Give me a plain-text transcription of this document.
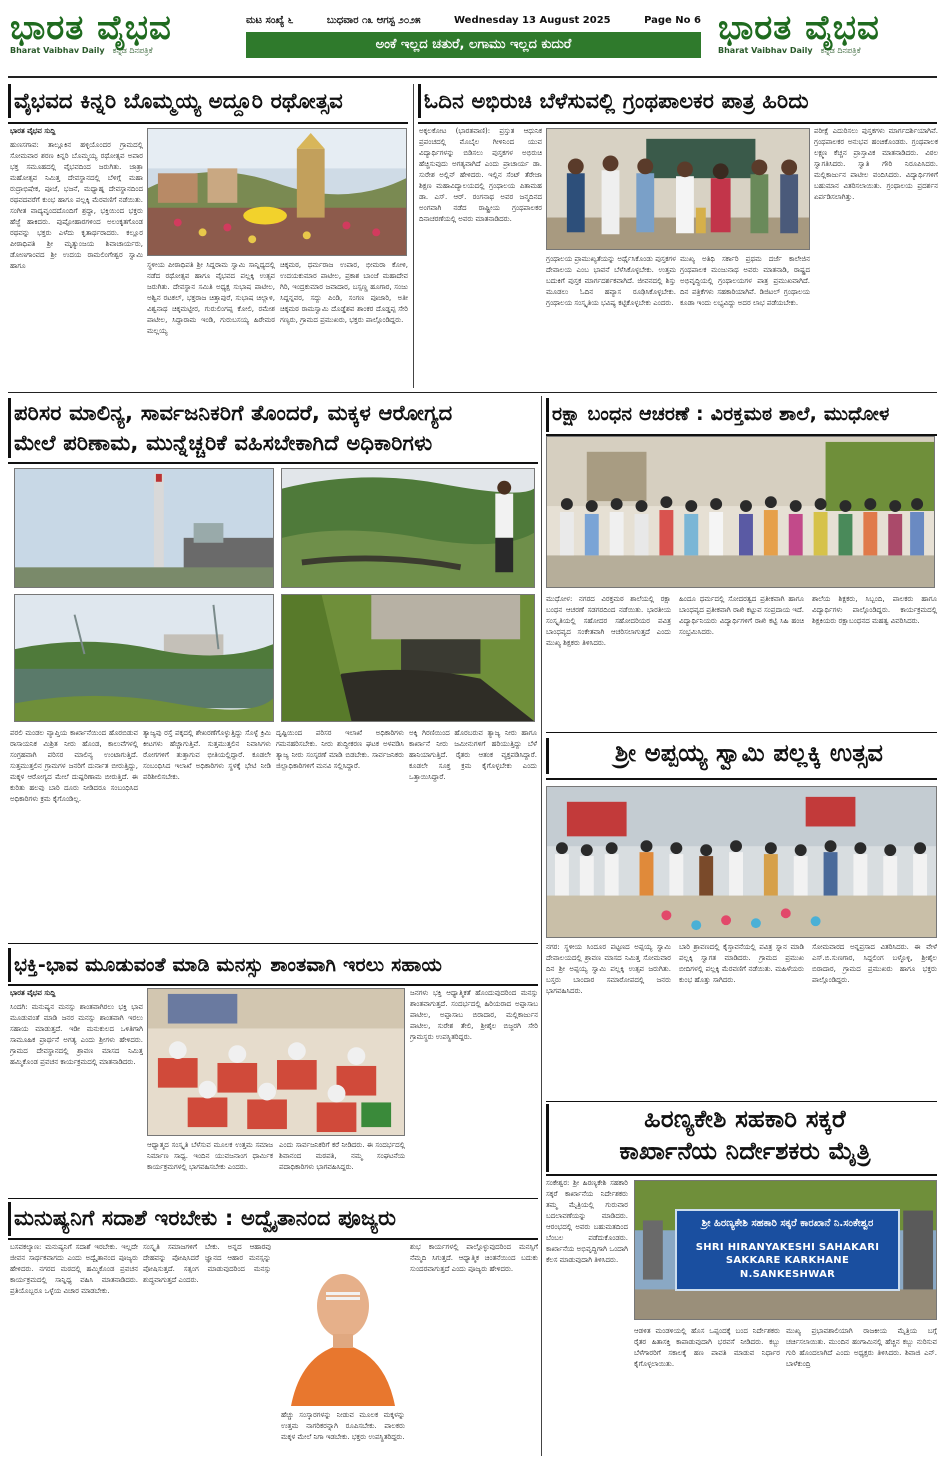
ಭಾರತ ವೈಭವ
Bharat Vaibhav Daily ಕನ್ನಡ ದಿನಪತ್ರಿಕೆ
ಮಟ ಸಂಖ್ಯೆ ೬	ಬುಧವಾರ ೧೩ ಆಗಸ್ಟ ೨೦೨೫	Wednesday 13 August 2025	Page No 6
ಅಂಕೆ ಇಲ್ಲದ ಚತುರೆ, ಲಗಾಮು ಇಲ್ಲದ ಕುದುರೆ	ಭಾರತ ವೈಭವ
Bharat Vaibhav Daily ಕನ್ನಡ ದಿನಪತ್ರಿಕೆ
ವೈಭವದ ಕಿನ್ನರಿ ಬೊಮ್ಮಯ್ಯ ಅದ್ದೂರಿ ರಥೋತ್ಸವ

ಭಾರತ ವೈಭವ ಸುದ್ದಿ

ಹುಣಸಗಾವ: ತಾಲ್ಲೂಕಿನ ಹಳ್ಳಿಯೊಂದರ ಗ್ರಾಮದಲ್ಲಿ ಸೋಮವಾರ ಶರಣ ಕಿನ್ನರಿ ಬೊಮ್ಮಯ್ಯ ರಥೋತ್ಸವ ಅಪಾರ ಭಕ್ತ ಸಮೂಹದಲ್ಲಿ ವೈಭವದಿಂದ ಜರುಗಿತು. ಜಾತ್ರಾ ಮಹೋತ್ಸವ ನಿಮಿತ್ತ ದೇವಸ್ಥಾನದಲ್ಲಿ ಬೆಳಿಗ್ಗೆ ಮಹಾ ರುದ್ರಾಭಿಷೇಕ, ಪೂಜೆ, ಭಜನೆ, ಮಧ್ಯಾಹ್ನ ದೇವಸ್ಥಾನದಿಂದ ರಥವದವರೆಗೆ ಕುಂಭ ಹಾಗೂ ಪಲ್ಲಕ್ಕಿ ಮೆರವಣಿಗೆ ನಡೆಯಿತು. ಸಂಗೀತ ವಾದ್ಯವೃಂದದೊಂದಿಗೆ ಶ್ರದ್ಧಾ, ಭಕ್ತಿಯಿಂದ ಭಕ್ತರು ಹೆಜ್ಜೆ ಹಾಕಿದರು. ಪುಷ್ಪೋಹಾರಗಳಿಂದ ಅಲಂಕೃತಗೊಂಡ ರಥವನ್ನು ಭಕ್ತರು ಎಳೆದು ಕೃತಾರ್ಥರಾದರು. ಕಲ್ಲೂರ ಪೀಠಾಧಿಪತಿ ಶ್ರೀ ಮೃತ್ಯುಂಜಯ ಶಿವಾಚಾರ್ಯರು, ಡೋಣಗಾಂವದ ಶ್ರೀ ಉದಯ ರಾಮಲಿಂಗೇಶ್ವರ ಸ್ವಾಮಿ ಹಾಗೂ	ಸ್ಥಳೀಯ ಪೀಠಾಧಿಪತಿ ಶ್ರೀ ಸಿದ್ದರಾಮ ಸ್ವಾಮಿ ಸಾನ್ನಿಧ್ಯದಲ್ಲಿ ನಡೆದ ರಥೋತ್ಸವ ಹಾಗೂ ವೈಭವದ ಪಲ್ಲಕ್ಕಿ ಉತ್ಸವ ಜರುಗಿತು. ದೇವಸ್ಥಾನ ಸಮಿತಿ ಅಧ್ಯಕ್ಷ ಸುಭಾಷ ಪಾಟೀಲ, ಅಶ್ವಿನ ರಟಕಲ್, ಭಕ್ತರಾಜ ಚಿತ್ತಾಪುರೆ, ಸುಭಾಷ ಚಿಲ್ಲಾಳಿ, ವಿಶ್ವನಾಥ ಚಿಕ್ಕಮಟ್ಟೀರ, ಗುರುಲಿಂಗಪ್ಪ ಕೋಲಿ, ರಮೇಶ ಪಾಟೀಲ, ಸಿದ್ದಾರಾಮ ಇಂಡಿ, ಗುರುಬಸಯ್ಯ ಹಿರೇಮಠ ಮಲ್ಲಯ್ಯ
ಚಿಕ್ಕಮಠ, ಧರ್ಮರಾಜ ಉಪಾರ, ಭೀಮರಾ ಕೋಳಿ, ಉದಯಕುಮಾರ ಪಾಟೀಲ, ಪ್ರಕಾಶ ಬಾಂಜೆ ಮಹಾದೇವ ಗಿರಿ, ಇಂದ್ರಕುಮಾರ ಜವಾದಾರ, ಬಸ್ಸಣ್ಣ ಹೂಗಾರ, ಸಂಜು ಸಿದ್ದನ್ನವರ, ಸದ್ದು ಪಿಂಡಿ, ಸಂಗಣ ಪೂಜಾರಿ, ಅತೀ ಚಿಕ್ಕಮಠ ರಾಮಸ್ವಾಮಿ ದೊಡ್ಡೆಶವ ಶಾಂಕರ ದೊಡ್ಡಪ್ಪ ಸೇರಿ ಗಣ್ಯರು, ಗ್ರಾಮದ ಪ್ರಮುಖರು, ಭಕ್ತರು ಪಾಲ್ಗೊಂಡಿದ್ದರು.
ಓದಿನ ಅಭಿರುಚಿ ಬೆಳೆಸುವಲ್ಲಿ ಗ್ರಂಥಪಾಲಕರ ಪಾತ್ರ ಹಿರಿದು
ಅಕ್ಕಲಕೋಟ (ಭಾರತವಾಣಿ): ಪ್ರಸ್ತುತ ಆಧುನಿಕ ಪ್ರಪಂಚದಲ್ಲಿ ಮೊಬೈಲ ಗೀಳಿನಿಂದ ಯುವ ವಿದ್ಯಾರ್ಥಿಗಳನ್ನು ಬಿಡಿಸಲು ಪುಸ್ತಕಗಳ ಅಭಿರುಚಿ ಹೆಚ್ಚಿಸುವುದು ಅಗತ್ಯವಾಗಿದೆ ಎಂದು ಪ್ರಾಚಾರ್ಯ ಡಾ. ಸುರೇಶ ಅಲ್ಲಿನ್ ಹೇಳಿದರು. ಇಲ್ಲಿನ ಸೆಂಟ್ ತೆರೇಜಾ ಶಿಕ್ಷಣ ಮಹಾವಿದ್ಯಾಲಯದಲ್ಲಿ ಗ್ರಂಥಾಲಯ ಪಿತಾಮಹ ಡಾ. ಎಸ್. ಆರ್. ರಂಗನಾಥ ಅವರ ಜನ್ಮದಿನದ ಅಂಗವಾಗಿ ನಡೆದ ರಾಷ್ಟ್ರೀಯ ಗ್ರಂಥಪಾಲಕರ ದಿನಾಚರಣೆಯಲ್ಲಿ ಅವರು ಮಾತನಾಡಿದರು.
ಗ್ರಂಥಾಲಯ ಪ್ರಾಮುಖ್ಯತೆಯನ್ನು ಅರ್ಥೈಸಿಕೊಂಡು ಪುಸ್ತಕಗಳ ದೇವಾಲಯ ಎಂಬ ಭಾವನೆ ಬೆಳೆಸಿಕೊಳ್ಳಬೇಕು. ಉತ್ತಮ ಬದುಕಿಗೆ ಪುಸ್ತಕ ಮಾರ್ಗದರ್ಶಕವಾಗಿದೆ. ಜೀವನದಲ್ಲಿ ಶಿಸ್ತು ಮೂಡಲು ಓದಿನ ಹವ್ಯಾಸ ರೂಢಿಸಿಕೊಳ್ಳಬೇಕು. ಗ್ರಂಥಾಲಯ ಸಂಸ್ಕೃತಿಯ ಭವಿಷ್ಯ ಕಟ್ಟಿಕೊಳ್ಳಬೇಕು ಎಂದರು.
ಮುಖ್ಯ ಅತಿಥಿ ಸರ್ಕಾರಿ ಪ್ರಥಮ ದರ್ಜೆ ಕಾಲೇಜಿನ ಗ್ರಂಥಪಾಲಕ ಮಂಜುನಾಥ ಅವರು ಮಾತನಾಡಿ, ರಾಷ್ಟ್ರದ ಅಭಿವೃದ್ಧಿಯಲ್ಲಿ ಗ್ರಂಥಾಲಯಗಳ ಪಾತ್ರ ಪ್ರಮುಖವಾಗಿದೆ. ದಿನ ಪತ್ರಿಕೆಗಳು ಸಹಕಾರಿಯಾಗಿವೆ. ಡಿಜಿಟಲ್ ಗ್ರಂಥಾಲಯ ಕೂಡಾ ಇಂದು ಲಭ್ಯವಿದ್ದು ಅದರ ಲಾಭ ಪಡೆಯಬೇಕು.
ಪರೀಕ್ಷೆ ಎದುರಿಸಲು ಪುಸ್ತಕಗಳು ಮಾರ್ಗದರ್ಶಿಯಾಗಿವೆ. ಗ್ರಂಥಪಾಲಕರ ಅನುಭವ ಹಂಚಿಕೊಂಡರು. ಗ್ರಂಥಪಾಲಕ ಲಕ್ಷ್ಮಣ ಕೆಚ್ಚನ ಪ್ರಾಸ್ತಾವಿಕ ಮಾತನಾಡಿದರು. ವಿಠಲ ಸ್ವಾಗತಿಸಿದರು. ಸ್ವಾತಿ ಗೌರಿ ನಿರೂಪಿಸಿದರು. ಮಲ್ಲಿಕಾರ್ಜುನ ಪಾಟೀಲ ವಂದಿಸಿದರು. ವಿದ್ಯಾರ್ಥಿಗಳಿಗೆ ಬಹುಮಾನ ವಿತರಿಸಲಾಯಿತು. ಗ್ರಂಥಾಲಯ ಪ್ರದರ್ಶನ ಏರ್ಪಡಿಸಲಾಗಿತ್ತು.
ಪರಿಸರ ಮಾಲಿನ್ಯ, ಸಾರ್ವಜನಿಕರಿಗೆ ತೊಂದರೆ, ಮಕ್ಕಳ ಆರೋಗ್ಯದ
ಮೇಲೆ ಪರಿಣಾಮ, ಮುನ್ನೆಚ್ಚರಿಕೆ ವಹಿಸಬೇಕಾಗಿದೆ ಅಧಿಕಾರಿಗಳು
ಪರಲಿ ಮಂಡಲ ವ್ಯಾಪ್ತಿಯ ಕಾರ್ಖಾನೆಯಿಂದ ಹೊರಬಿಡುವ ರಾಸಾಯನಿಕ ಮಿಶ್ರಿತ ನೀರು ಹೊಂಡ, ಕಾಲುವೆಗಳಲ್ಲಿ ಸಂಗ್ರಹವಾಗಿ ಪರಿಸರ ಮಾಲಿನ್ಯ ಉಂಟಾಗುತ್ತಿದೆ. ಸುತ್ತಮುತ್ತಲಿನ ಗ್ರಾಮಗಳ ಜನರಿಗೆ ದುರ್ನಾತ ಬೀರುತ್ತಿದ್ದು, ಮಕ್ಕಳ ಆರೋಗ್ಯದ ಮೇಲೆ ದುಷ್ಪರಿಣಾಮ ಬೀರುತ್ತಿದೆ. ಈ ಕುರಿತು ಹಲವು ಬಾರಿ ದೂರು ನೀಡಿದರೂ ಸಂಬಂಧಿಸಿದ ಅಧಿಕಾರಿಗಳು ಕ್ರಮ ಕೈಗೊಂಡಿಲ್ಲ.
ತ್ಯಾಜ್ಯವು ರಸ್ತೆ ಪಕ್ಕದಲ್ಲಿ ಶೇಖರಣೆಗೊಳ್ಳುತ್ತಿದ್ದು ಸೊಳ್ಳೆ ಕ್ರಿಮಿ ಕೀಟಗಳು ಹೆಚ್ಚಾಗುತ್ತಿವೆ. ಸುತ್ತಮುತ್ತಲಿನ ನಿವಾಸಿಗಳು ರೋಗಗಳಿಗೆ ತುತ್ತಾಗುವ ಭೀತಿಯಲ್ಲಿದ್ದಾರೆ. ಕೂಡಲೇ ಸಂಬಂಧಿಸಿದ ಇಲಾಖೆ ಅಧಿಕಾರಿಗಳು ಸ್ಥಳಕ್ಕೆ ಭೇಟಿ ನೀಡಿ ಪರಿಶೀಲಿಸಬೇಕು.
ದೃಷ್ಟಿಯಿಂದ ಪರಿಸರ ಇಲಾಖೆ ಅಧಿಕಾರಿಗಳು ಗಮನಹರಿಸಬೇಕು. ನೀರು ಶುದ್ಧೀಕರಣ ಘಟಕ ಅಳವಡಿಸಿ ತ್ಯಾಜ್ಯ ನೀರು ಸಂಸ್ಕರಣೆ ಮಾಡಿ ಬಿಡಬೇಕು. ಸಾರ್ವಜನಿಕರು ಜಿಲ್ಲಾಧಿಕಾರಿಗಳಿಗೆ ಮನವಿ ಸಲ್ಲಿಸಿದ್ದಾರೆ.
ಅಕ್ಕಿ ಗಿರಣಿಯಿಂದ ಹೊರಬರುವ ತ್ಯಾಜ್ಯ ನೀರು ಹಾಗೂ ಕಾರ್ಖಾನೆ ನೀರು ಜಮೀನುಗಳಿಗೆ ಹರಿಯುತ್ತಿದ್ದು ಬೆಳೆ ಹಾನಿಯಾಗುತ್ತಿದೆ. ರೈತರು ಆತಂಕ ವ್ಯಕ್ತಪಡಿಸಿದ್ದಾರೆ. ಕೂಡಲೇ ಸೂಕ್ತ ಕ್ರಮ ಕೈಗೊಳ್ಳಬೇಕು ಎಂದು ಒತ್ತಾಯಿಸಿದ್ದಾರೆ.
ರಕ್ಷಾ ಬಂಧನ ಆಚರಣೆ : ವಿರಕ್ತಮಠ ಶಾಲೆ, ಮುಧೋಳ
ಮುಧೋಳ: ನಗರದ ವಿರಕ್ತಮಠ ಶಾಲೆಯಲ್ಲಿ ರಕ್ಷಾ ಬಂಧನ ಆಚರಣೆ ಸಡಗರದಿಂದ ನಡೆಯಿತು. ಭಾರತೀಯ ಸಂಸ್ಕೃತಿಯಲ್ಲಿ ಸಹೋದರ ಸಹೋದರಿಯರ ಪವಿತ್ರ ಬಾಂಧವ್ಯದ ಸಂಕೇತವಾಗಿ ಆಚರಿಸಲಾಗುತ್ತದೆ ಎಂದು ಮುಖ್ಯ ಶಿಕ್ಷಕರು ತಿಳಿಸಿದರು.
ಹಿಂದೂ ಧರ್ಮದಲ್ಲಿ ಸೋದರತ್ವದ ಪ್ರತೀಕವಾಗಿ ಹಾಗೂ ಬಾಂಧವ್ಯದ ಪ್ರತೀಕವಾಗಿ ರಾಖಿ ಕಟ್ಟುವ ಸಂಪ್ರದಾಯ ಇದೆ. ವಿದ್ಯಾರ್ಥಿನಿಯರು ವಿದ್ಯಾರ್ಥಿಗಳಿಗೆ ರಾಖಿ ಕಟ್ಟಿ ಸಿಹಿ ಹಂಚಿ ಸಂಭ್ರಮಿಸಿದರು.
ಶಾಲೆಯ ಶಿಕ್ಷಕರು, ಸಿಬ್ಬಂದಿ, ಪಾಲಕರು ಹಾಗೂ ವಿದ್ಯಾರ್ಥಿಗಳು ಪಾಲ್ಗೊಂಡಿದ್ದರು. ಕಾರ್ಯಕ್ರಮದಲ್ಲಿ ಶಿಕ್ಷಕಿಯರು ರಕ್ಷಾಬಂಧನದ ಮಹತ್ವ ವಿವರಿಸಿದರು.
ಶ್ರೀ ಅಪ್ಪಯ್ಯ ಸ್ವಾಮಿ ಪಲ್ಲಕ್ಕಿ ಉತ್ಸವ
ನಗರ: ಸ್ಥಳೀಯ ಸಿಂದೂರ ಪಟ್ಟಣದ ಅಪ್ಪಯ್ಯ ಸ್ವಾಮಿ ದೇವಾಲಯದಲ್ಲಿ ಶ್ರಾವಣ ಮಾಸದ ನಿಮಿತ್ತ ಸೋಮವಾರ ದಿನ ಶ್ರೀ ಅಪ್ಪಯ್ಯ ಸ್ವಾಮಿ ಪಲ್ಲಕ್ಕಿ ಉತ್ಸವ ಜರುಗಿತು. ಬಸ್ತರು ಬಾಂದಾರ ಸಮಾರೋಪದಲ್ಲಿ ಜನರು ಭಾಗವಹಿಸಿದರು.
ಬಾರಿ ಶ್ರಾವಣದಲ್ಲಿ ಕೈಸ್ತಾವನೆಯಲ್ಲಿ ಪವಿತ್ರ ಸ್ನಾನ ಮಾಡಿ ಪಲ್ಲಕ್ಕಿ ಸ್ವಾಗತ ಮಾಡಿದರು. ಗ್ರಾಮದ ಪ್ರಮುಖ ಬೀದಿಗಳಲ್ಲಿ ಪಲ್ಲಕ್ಕಿ ಮೆರವಣಿಗೆ ನಡೆಯಿತು. ಮಹಿಳೆಯರು ಕುಂಭ ಹೊತ್ತು ಸಾಗಿದರು.
ಸೋಮವಾರದ ಅನ್ನಪ್ರಸಾದ ವಿತರಿಸಿದರು. ಈ ವೇಳೆ ಎಸ್.ಬಿ.ಸುಣಗಾರ, ಸಿದ್ದಲಿಂಗ ಬಳ್ಳೊಳ್ಳಿ, ಶ್ರೀಶೈಲ ಬಿರಾದಾರ, ಗ್ರಾಮದ ಪ್ರಮುಖರು ಹಾಗೂ ಭಕ್ತರು ಪಾಲ್ಗೊಂಡಿದ್ದರು.
ಭಕ್ತಿ-ಭಾವ ಮೂಡುವಂತೆ ಮಾಡಿ ಮನಸ್ಸು ಶಾಂತವಾಗಿ ಇರಲು ಸಹಾಯ

ಭಾರತ ವೈಭವ ಸುದ್ದಿ

ಸಿಂದಗಿ: ಮನುಷ್ಯನ ಮನಸ್ಸು ಶಾಂತವಾಗಿರಲು ಭಕ್ತಿ ಭಾವ ಮೂಡುವಂತೆ ಮಾಡಿ ಜನರ ಮನಸ್ಸು ಶಾಂತವಾಗಿ ಇರಲು ಸಹಾಯ ಮಾಡುತ್ತದೆ. ಇಡೀ ಮನುಕುಲದ ಒಳಿತಿಗಾಗಿ ಸಾಮೂಹಿಕ ಪ್ರಾರ್ಥನೆ ಅಗತ್ಯ ಎಂದು ಶ್ರೀಗಳು ಹೇಳಿದರು. ಗ್ರಾಮದ ದೇವಸ್ಥಾನದಲ್ಲಿ ಶ್ರಾವಣ ಮಾಸದ ನಿಮಿತ್ತ ಹಮ್ಮಿಕೊಂಡ ಪ್ರವಚನ ಕಾರ್ಯಕ್ರಮದಲ್ಲಿ ಮಾತನಾಡಿದರು.

ಆಧ್ಯಾತ್ಮದ ಸಂಸ್ಕೃತಿ ಬೆಳೆಸುವ ಮೂಲಕ ಉತ್ತಮ ಸಮಾಜ ನಿರ್ಮಾಣ ಸಾಧ್ಯ. ಇಂದಿನ ಯುವಜನಾಂಗ ಧಾರ್ಮಿಕ ಕಾರ್ಯಕ್ರಮಗಳಲ್ಲಿ ಭಾಗವಹಿಸಬೇಕು ಎಂದರು.
ಎಂದು ಸಾರ್ವಜನಿಕರಿಗೆ ಕರೆ ನೀಡಿದರು. ಈ ಸಂದರ್ಭದಲ್ಲಿ ಶಿವಾನಂದ ಮಠಪತಿ, ನಮ್ಮ ಸಂಘಟನೆಯ ಪದಾಧಿಕಾರಿಗಳು ಭಾಗವಹಿಸಿದ್ದರು.
ಜನಗಳು ಭಕ್ತಿ ಆಧ್ಯಾತ್ಮಿಕತೆ ಹೊಂದುವುದರಿಂದ ಮನಸ್ಸು ಶಾಂತವಾಗುತ್ತದೆ. ಸಂದರ್ಭದಲ್ಲಿ ಹಿರಿಯರಾದ ಅಪ್ಪಾಸಾಬ ಪಾಟೀಲ, ಅಪ್ಪಾಸಾಬ ಬಿರಾದಾರ, ಮಲ್ಲಿಕಾರ್ಜುನ ಪಾಟೀಲ, ಸುರೇಶ ತೇಲಿ, ಶ್ರೀಶೈಲ ಬಿಜ್ಜರಗಿ ಸೇರಿ ಗ್ರಾಮಸ್ಥರು ಉಪಸ್ಥಿತರಿದ್ದರು.
ಹಿರಣ್ಯಕೇಶಿ ಸಹಕಾರಿ ಸಕ್ಕರೆ
ಕಾರ್ಖಾನೆಯ ನಿರ್ದೇಶಕರು ಮೈತ್ರಿ
ಸಂಕೇಶ್ವರ: ಶ್ರೀ ಹಿರಣ್ಯಕೇಶಿ ಸಹಕಾರಿ ಸಕ್ಕರೆ ಕಾರ್ಖಾನೆಯ ನಿರ್ದೇಶಕರು ತಮ್ಮ ಮೈತ್ರಿಯಲ್ಲಿ ಗುರುವಾರ ಬದಲಾವಣೆಯನ್ನು ಮಾಡಿದರು. ಆರಂಭದಲ್ಲಿ ಅವರು ಬಹುಮತದಿಂದ ಬೆಂಬಲ ಪಡೆದುಕೊಂಡರು. ಕಾರ್ಖಾನೆಯ ಅಭಿವೃದ್ಧಿಗಾಗಿ ಒಂದಾಗಿ ಕೆಲಸ ಮಾಡುವುದಾಗಿ ತಿಳಿಸಿದರು.
ಶ್ರೀ ಹಿರಣ್ಯಕೇಶಿ ಸಹಕಾರಿ ಸಕ್ಕರೆ ಕಾರಖಾನೆ ನಿ.ಸಂಕೇಶ್ವರ
SHRI HIRANYAKESHI SAHAKARI
SAKKARE KARKHANE N.SANKESHWAR
ಆಡಳಿತ ಮಂಡಳಿಯಲ್ಲಿ ಹೊಸ ಒಪ್ಪಂದಕ್ಕೆ ಬಂದ ನಿರ್ದೇಶಕರು ರೈತರ ಹಿತಾಸಕ್ತಿ ಕಾಪಾಡುವುದಾಗಿ ಭರವಸೆ ನೀಡಿದರು. ಕಬ್ಬು ಬೆಳೆಗಾರರಿಗೆ ಸಕಾಲಕ್ಕೆ ಹಣ ಪಾವತಿ ಮಾಡುವ ನಿರ್ಧಾರ ಕೈಗೊಳ್ಳಲಾಯಿತು.
ಮುಖ್ಯ ಪ್ರಭಾವಶಾಲಿಯಾಗಿ ರಾಜಕೀಯ ಮೈತ್ರಿಯ ಬಗ್ಗೆ ಚರ್ಚಿಸಲಾಯಿತು. ಮುಂದಿನ ಹಂಗಾಮಿನಲ್ಲಿ ಹೆಚ್ಚಿನ ಕಬ್ಬು ನುರಿಸುವ ಗುರಿ ಹೊಂದಲಾಗಿದೆ ಎಂದು ಅಧ್ಯಕ್ಷರು ತಿಳಿಸಿದರು. ಶಿವಾಜಿ ಎನ್. ಬಾಳೆಕುಂದ್ರಿ
ಮನುಷ್ಯನಿಗೆ ಸದಾಶೆ ಇರಬೇಕು : ಅದ್ವೈತಾನಂದ ಪೂಜ್ಯರು
ಬಸವಕಲ್ಯಾಣ: ಮನುಷ್ಯನಿಗೆ ಸದಾಶೆ ಇರಬೇಕು. ಇಲ್ಲದೇ ಜೀವನ ಸಾರ್ಥಕವಾಗದು ಎಂದು ಅದ್ವೈತಾನಂದ ಪೂಜ್ಯರು ಹೇಳಿದರು. ನಗರದ ಮಠದಲ್ಲಿ ಹಮ್ಮಿಕೊಂಡ ಪ್ರವಚನ ಕಾರ್ಯಕ್ರಮದಲ್ಲಿ ಸಾನ್ನಿಧ್ಯ ವಹಿಸಿ ಮಾತನಾಡಿದರು. ಪ್ರತಿಯೊಬ್ಬರೂ ಒಳ್ಳೆಯ ವಿಚಾರ ಮಾಡಬೇಕು.
ಸಂಸ್ಕೃತಿ ಸಮಾಜಗಳಿಗೆ ಬೇಕು. ಅನ್ನದ ಆಹಾರವು ದೇಹವನ್ನು ಪೋಷಿಸಿದರೆ ಜ್ಞಾನದ ಆಹಾರ ಮನಸ್ಸನ್ನು ಪೋಷಿಸುತ್ತದೆ. ಸತ್ಸಂಗ ಮಾಡುವುದರಿಂದ ಮನಸ್ಸು ಶುದ್ಧವಾಗುತ್ತದೆ ಎಂದರು.
ಹೆಚ್ಚು ಸಂಸ್ಕಾರಗಳನ್ನು ನೀಡುವ ಮೂಲಕ ಮಕ್ಕಳನ್ನು ಉತ್ತಮ ನಾಗರಿಕರನ್ನಾಗಿ ರೂಪಿಸಬೇಕು. ಪಾಲಕರು ಮಕ್ಕಳ ಮೇಲೆ ನಿಗಾ ಇಡಬೇಕು. ಭಕ್ತರು ಉಪಸ್ಥಿತರಿದ್ದರು.
ಶುಭ ಕಾರ್ಯಗಳಲ್ಲಿ ಪಾಲ್ಗೊಳ್ಳುವುದರಿಂದ ಮನಸ್ಸಿಗೆ ನೆಮ್ಮದಿ ಸಿಗುತ್ತದೆ. ಆಧ್ಯಾತ್ಮಿಕ ಚಿಂತನೆಯಿಂದ ಬದುಕು ಸುಂದರವಾಗುತ್ತದೆ ಎಂದು ಪೂಜ್ಯರು ಹೇಳಿದರು.
